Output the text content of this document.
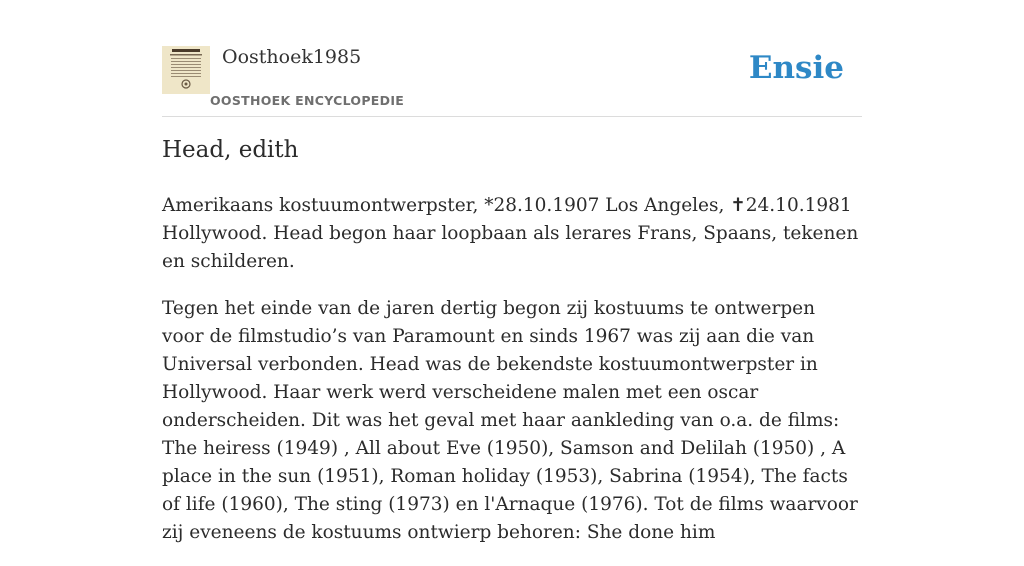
Oosthoek1985
OOSTHOEK ENCYCLOPEDIE
Ensie
Head, edith

Amerikaans kostuumontwerpster, *28.10.1907 Los Angeles, ✝24.10.1981 Hollywood. Head begon haar loopbaan als lerares Frans, Spaans, tekenen en schilderen.

Tegen het einde van de jaren dertig begon zij kostuums te ontwerpen voor de filmstudio’s van Paramount en sinds 1967 was zij aan die van Universal verbonden. Head was de bekendste kostuumontwerpster in Hollywood. Haar werk werd verscheidene malen met een oscar onderscheiden. Dit was het geval met haar aankleding van o.a. de films: The heiress (1949) , All about Eve (1950), Samson and Delilah (1950) , A place in the sun (1951), Roman holiday (1953), Sabrina (1954), The facts of life (1960), The sting (1973) en l'Arnaque (1976). Tot de films waarvoor zij eveneens de kostuums ontwierp behoren: She done him
